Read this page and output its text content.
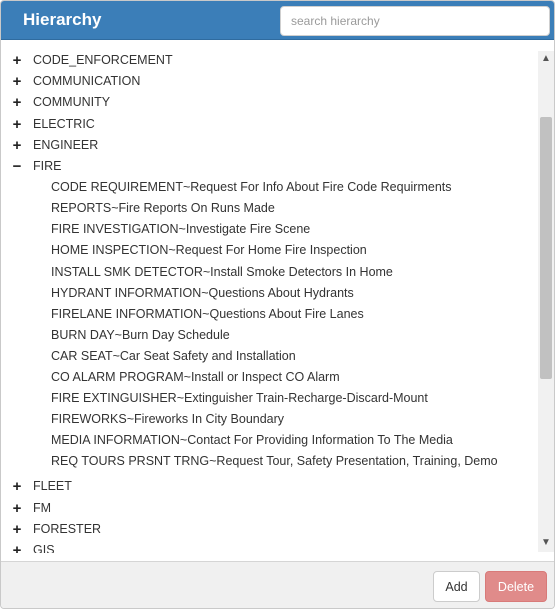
Hierarchy
search hierarchy
+ CODE_ENFORCEMENT
+ COMMUNICATION
+ COMMUNITY
+ ELECTRIC
+ ENGINEER
− FIRE
CODE REQUIREMENT~Request For Info About Fire Code Requirments
REPORTS~Fire Reports On Runs Made
FIRE INVESTIGATION~Investigate Fire Scene
HOME INSPECTION~Request For Home Fire Inspection
INSTALL SMK DETECTOR~Install Smoke Detectors In Home
HYDRANT INFORMATION~Questions About Hydrants
FIRELANE INFORMATION~Questions About Fire Lanes
BURN DAY~Burn Day Schedule
CAR SEAT~Car Seat Safety and Installation
CO ALARM PROGRAM~Install or Inspect CO Alarm
FIRE EXTINGUISHER~Extinguisher Train-Recharge-Discard-Mount
FIREWORKS~Fireworks In City Boundary
MEDIA INFORMATION~Contact For Providing Information To The Media
REQ TOURS PRSNT TRNG~Request Tour, Safety Presentation, Training, Demo
+ FLEET
+ FM
+ FORESTER
+ GIS
▲
▼
Add	Delete
